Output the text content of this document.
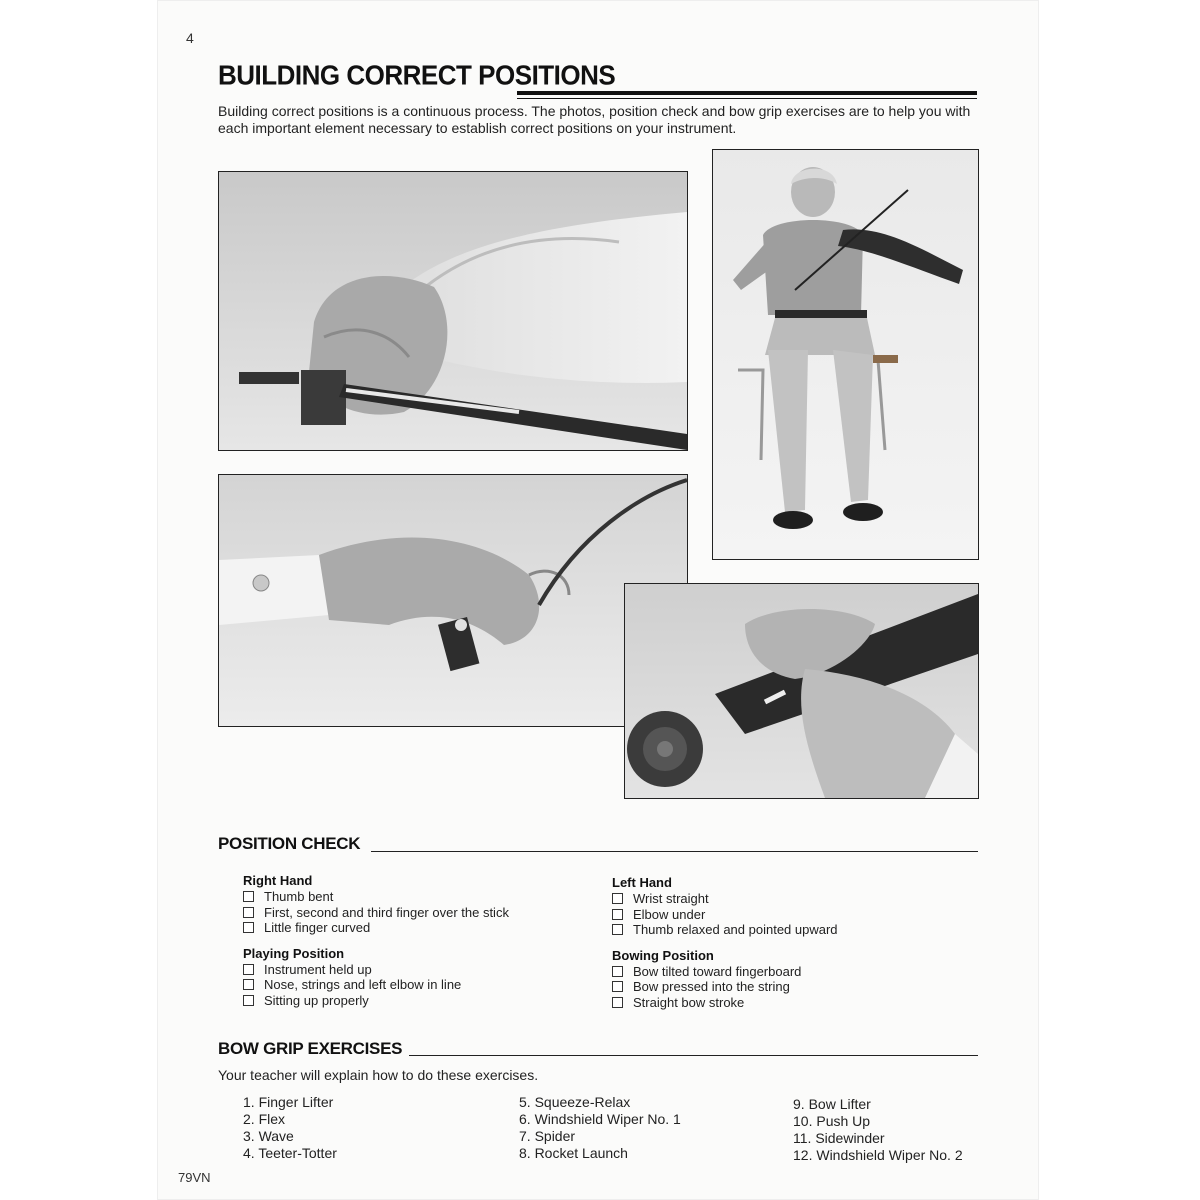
4
BUILDING CORRECT POSITIONS
Building correct positions is a continuous process. The photos, position check and bow grip exercises are to help you with each important element necessary to establish correct positions on your instrument.
POSITION CHECK
Right Hand
Thumb bent
First, second and third finger over the stick
Little finger curved
Playing Position
Instrument held up
Nose, strings and left elbow in line
Sitting up properly
Left Hand
Wrist straight
Elbow under
Thumb relaxed and pointed upward
Bowing Position
Bow tilted toward fingerboard
Bow pressed into the string
Straight bow stroke
BOW GRIP EXERCISES
Your teacher will explain how to do these exercises.
1. Finger Lifter
2. Flex
3. Wave
4. Teeter-Totter
5. Squeeze-Relax
6. Windshield Wiper No. 1
7. Spider
8. Rocket Launch
9. Bow Lifter
10. Push Up
11. Sidewinder
12. Windshield Wiper No. 2
79VN
